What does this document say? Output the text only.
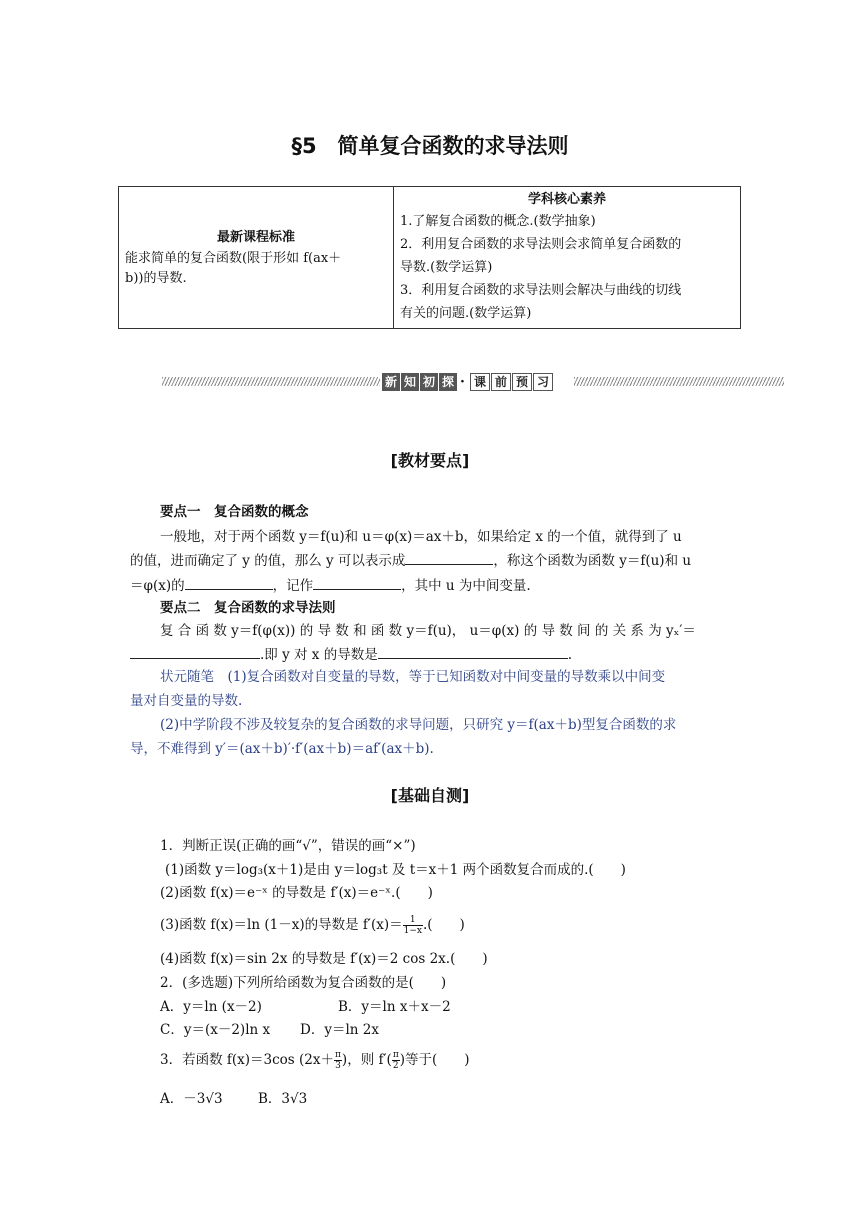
§5　简单复合函数的求导法则
最新课程标准
能求简单的复合函数(限于形如 f(ax＋
b))的导数.

学科核心素养
1.了解复合函数的概念.(数学抽象)
2．利用复合函数的求导法则会求简单复合函数的
导数.(数学运算)
3．利用复合函数的求导法则会解决与曲线的切线
有关的问题.(数学运算)
新 知 初 探 · 课 前 预 习
[教材要点]
要点一　复合函数的概念
一般地，对于两个函数 y＝f(u)和 u＝φ(x)＝ax＋b，如果给定 x 的一个值，就得到了 u
的值，进而确定了 y 的值，那么 y 可以表示成	，称这个函数为函数 y＝f(u)和 u
＝φ(x)的	，记作	，其中 u 为中间变量.
要点二　复合函数的求导法则
复 合 函 数 y＝f(φ(x)) 的 导 数 和 函 数 y＝f(u)， u＝φ(x) 的 导 数 间 的 关 系 为 yₓ′＝
.即 y 对 x 的导数是	.
状元随笔　(1)复合函数对自变量的导数，等于已知函数对中间变量的导数乘以中间变
量对自变量的导数.
(2)中学阶段不涉及较复杂的复合函数的求导问题，只研究 y＝f(ax＋b)型复合函数的求
导，不难得到 y′＝(ax＋b)′·f′(ax＋b)＝af′(ax＋b).
[基础自测]
1．判断正误(正确的画“√”，错误的画“×”)
(1)函数 y＝log₃(x＋1)是由 y＝log₃t 及 t＝x＋1 两个函数复合而成的.(　　)
(2)函数 f(x)＝e⁻ˣ 的导数是 f′(x)＝e⁻ˣ.(　　)
(3)函数 f(x)＝ln (1－x)的导数是 $f'(x)= \frac{1}{1-x}$ .(　　)
(4)函数 f(x)＝sin 2x 的导数是 f′(x)＝2 cos 2x.(　　)
2．(多选题)下列所给函数为复合函数的是(　　)
A．y＝ln (x－2)	B．y＝ln x＋x－2
C．y＝(x－2)ln x D．y＝ln 2x
3．若函数 f(x)＝3cos ($2x+ \frac{\pi}{3}$ )，则 $f'( \frac{\pi}{2}$ )等于(　　)
A．－3√3	B．3√3
